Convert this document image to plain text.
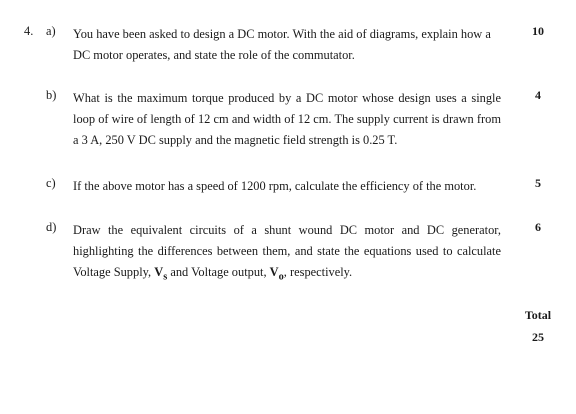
4. a) You have been asked to design a DC motor. With the aid of diagrams, explain how a DC motor operates, and state the role of the commutator.
10
b) What is the maximum torque produced by a DC motor whose design uses a single loop of wire of length of 12 cm and width of 12 cm. The supply current is drawn from a 3 A, 250 V DC supply and the magnetic field strength is 0.25 T.
4
c) If the above motor has a speed of 1200 rpm, calculate the efficiency of the motor.	5
d) Draw the equivalent circuits of a shunt wound DC motor and DC generator, highlighting the differences between them, and state the equations used to calculate Voltage Supply, $V_s$ and Voltage output, $V_o$, respectively.
6
Total
25
